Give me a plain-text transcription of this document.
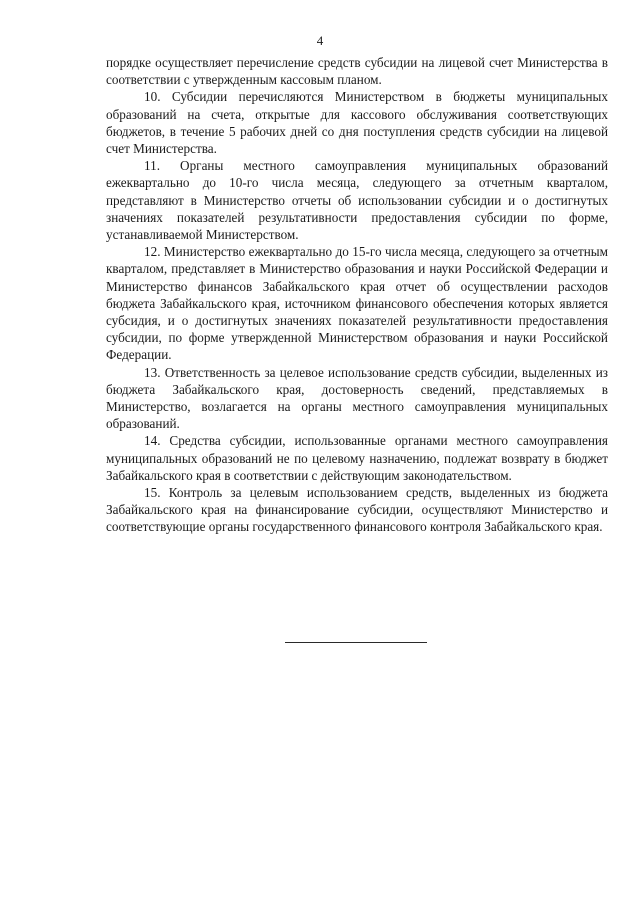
4

порядке осуществляет перечисление средств субсидии на лицевой счет Министерства в соответствии с утвержденным кассовым планом.

10. Субсидии перечисляются Министерством в бюджеты муниципальных образований на счета, открытые для кассового обслуживания соответствующих бюджетов, в течение 5 рабочих дней со дня поступления средств субсидии на лицевой счет Министерства.

11. Органы местного самоуправления муниципальных образований ежеквартально до 10-го числа месяца, следующего за отчетным кварталом, представляют в Министерство отчеты об использовании субсидии и о достигнутых значениях показателей результативности предоставления субсидии по форме, устанавливаемой Министерством.

12. Министерство ежеквартально до 15-го числа месяца, следующего за отчетным кварталом, представляет в Министерство образования и науки Российской Федерации и Министерство финансов Забайкальского края отчет об осуществлении расходов бюджета Забайкальского края, источником финансового обеспечения которых является субсидия, и о достигнутых значениях показателей результативности предоставления субсидии, по форме утвержденной Министерством образования и науки Российской Федерации.

13. Ответственность за целевое использование средств субсидии, выделенных из бюджета Забайкальского края, достоверность сведений, представляемых в Министерство, возлагается на органы местного самоуправления муниципальных образований.

14. Средства субсидии, использованные органами местного самоуправления муниципальных образований не по целевому назначению, подлежат возврату в бюджет Забайкальского края в соответствии с действующим законодательством.

15. Контроль за целевым использованием средств, выделенных из бюджета Забайкальского края на финансирование субсидии, осуществляют Министерство и соответствующие органы государственного финансового контроля Забайкальского края.
